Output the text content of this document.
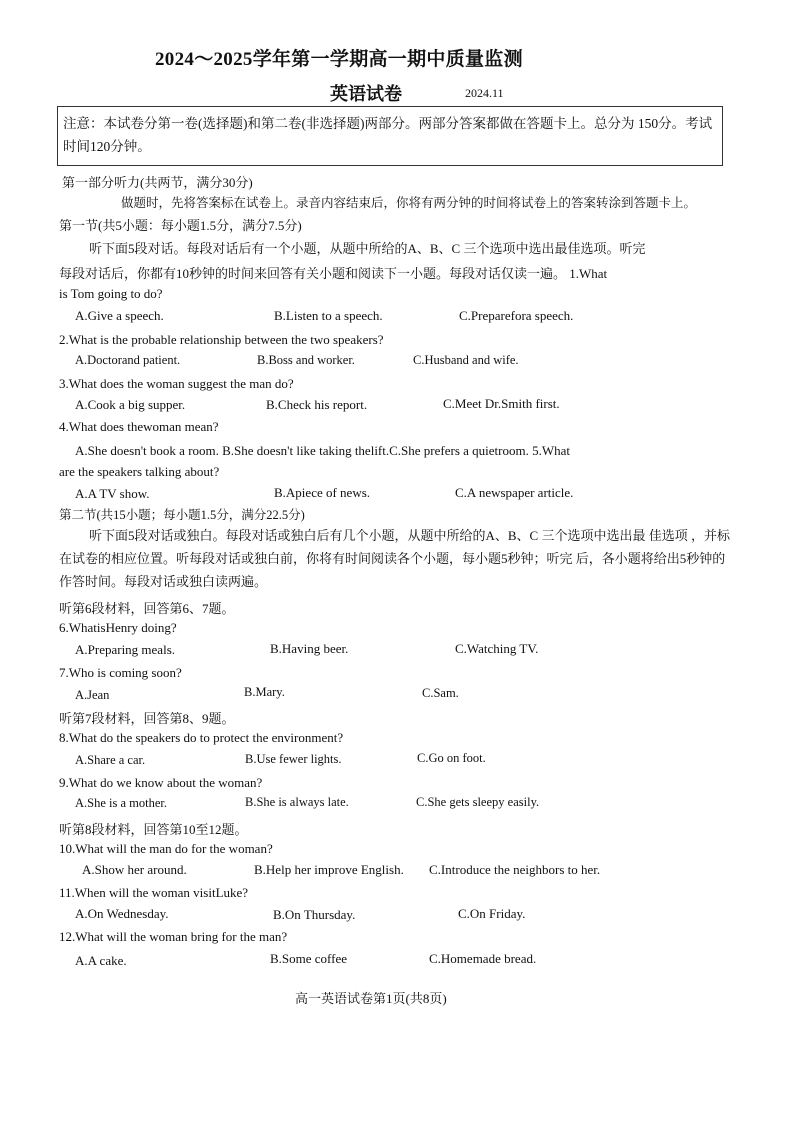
2024～2025学年第一学期高一期中质量监测
英语试卷	2024.11
注意：本试卷分第一卷(选择题)和第二卷(非选择题)两部分。两部分答案都做在答题卡上。总分为 150分。考试时间120分钟。
第一部分听力(共两节，满分30分)
做题时，先将答案标在试卷上。录音内容结束后，你将有两分钟的时间将试卷上的答案转涂到答题卡上。
第一节(共5小题：每小题1.5分，满分7.5分)
听下面5段对话。每段对话后有一个小题，从题中所给的A、B、C 三个选项中选出最佳选项。听完
每段对话后，你都有10秒钟的时间来回答有关小题和阅读下一小题。每段对话仅读一遍。 1.What
is Tom going to do?
A.Give a speech.	B.Listen to a speech.	C.Preparefora speech.
2.What is the probable relationship between the two speakers?
A.Doctorand patient.	B.Boss and worker.	C.Husband and wife.
3.What does the woman suggest the man do?
A.Cook a big supper.	B.Check his report.	C.Meet Dr.Smith first.
4.What does thewoman mean?
A.She doesn't book a room. B.She doesn't like taking thelift.C.She prefers a quietroom. 5.What
are the speakers talking about?
A.A TV show.	B.Apiece of news.	C.A newspaper article.
第二节(共15小题；每小题1.5分，满分22.5分)
听下面5段对话或独白。每段对话或独白后有几个小题，从题中所给的A、B、C 三个选项中选出最 佳选项 ，并标在试卷的相应位置。听每段对话或独白前，你将有时间阅读各个小题，每小题5秒钟；听完 后，各小题将给出5秒钟的作答时间。每段对话或独白读两遍。
听第6段材料，回答第6、7题。
6.WhatisHenry doing?
A.Preparing meals.	B.Having beer.	C.Watching TV.
7.Who is coming soon?
A.Jean	B.Mary.	C.Sam.
听第7段材料，回答第8、9题。
8.What do the speakers do to protect the environment?
A.Share a car.	B.Use fewer lights.	C.Go on foot.
9.What do we know about the woman?
A.She is a mother.	B.She is always late.	C.She gets sleepy easily.
听第8段材料，回答第10至12题。
10.What will the man do for the woman?
A.Show her around.	B.Help her improve English. C.Introduce the neighbors to her.
11.When will the woman visitLuke?
A.On Wednesday.	B.On Thursday.	C.On Friday.
12.What will the woman bring for the man?
A.A cake.	B.Some coffee	C.Homemade bread.
高一英语试卷第1页(共8页)
